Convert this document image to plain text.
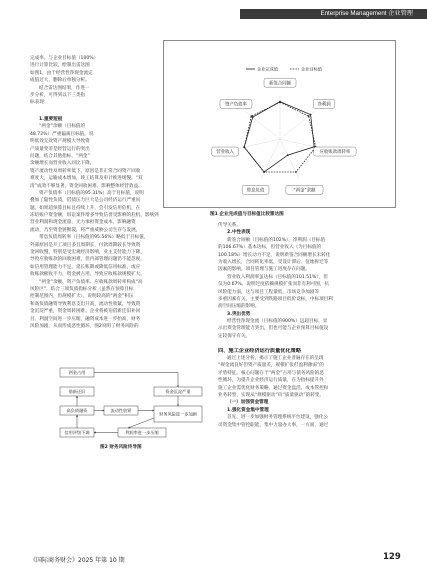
Enterprise Management 企业管理
完成率。与企业目标值（100%）
进行计算比较，绘制出雷达图
如图1，由于经营性净现金流完
成值过大，删除后单独分析。
结合雷达图结果，作进一
步分析，可得到以下三类指
标表现：
新签合同额
净利润
应收账款周转率
“两金”余额
带息负债
营业收入
资产负债率
企业完成值	企业目标值
图1 企业完成值与目标值比较雷达图
1.重要短板
“两金”余额（目标值的
48.72%）严重偏离目标值，说
明低效无效资产规模大导致资
产质量变差是经营运行的突出
问题，结合其他指标，“两金”
余额增长而营业收入同比下降，
资产流动性及周转率低下，原因是非正常合同资产回收
难度大，运输成本增加，竣工结算及审计推进缓慢，“双
清”成效不够显著，资金回收困难，影响整体经营效益。
资产负债率（目标值的95.31%）高于目标值，说明
叠加了隐性负债，借债压力巨大是公司经济运行严重问
题。如果超预算目标且持续上升，会引发信用危机，在
冻结账户资金额，诉讼案件增多导致信誉受影响的危机，影响到
营业利润和现金流量，无力承担资金成本，影响融资
流动，乃至资金链断裂，将严重威胁公司生存与发展。
带息负债周转率（目标值的95.56%）略低于目标值，
外部原因是开工项目多且周期长，付款周期较长导致资
金回收慢，特别是受宏观经济影响，业主支付能力下降，
导致应收账款的回收困难，但内部管理问题仍不能忽视，
如信用管理能力不足，延长账期或降低信用标准，或应
收账款催收不力，资金被占用，导致应收账款规模扩大。
“两金”余额、资产负债率、应收账款周转率构成“高
风险区”，结合三项负债指标分析（虽然在预算目标
控制范围内，但规模扩大），说明较高的“两金”积压
和高负债融资导致利息支出升高，流动性收紧，导致资
金沉淀严重，资金周转困难。企业将被迫借新还旧补回
目，利润空间进一步压缩，融资成本进一步抬高，财务
风险加剧，从而形成恶性循环，图2说明了财务风险的
传导关系。
2.中性表现
新签合同额（目标值的102%）、净利润（目标值
的106.67%）基本达标，但营业收入（为目标值的
100.18%）增长动力不足，说明新签合同额增长未转化
为收入增长，合同转化率低，受设计滞后、征地拆迁等
因素的影响，项目管理与施工进度存在问题。
营业收入利润率虽达标（目标值的101.51%），但
仅为0.67%，说明过度依赖规模扩张而非有利可图，抗
风险能力弱，这与项目工程量低，市场竞争加剧等
多重因素有关，主要受到铁路项目低价竞标，中标项目利
润空间压缩的影响。
3.突出优势
经营性净现金流（目标值的900%）远超目标，显
示出资金管理能力突出，但也可能与企业预算目标值设
定较保守有关。
四、施工企业经济运行质量优化策略
通过上述分析，揭示了施工企业普遍存在的呈现
“规金流良好但资产质量差，规模扩张但盈利薄弱”的
矛盾特征。核心问题在于“两金”占用与债务风险的恶
性循环，为提升企业经济运行质量，在为指标提升外
施工企业需优化财务策略，通过资金盘活、成本管控和
业务转型，实现从“规模驱动”向“质量驱动”的转变。
（一）加强资金管理
1.强化资金集中管理
首先，进一步加强财务管理系统平台建设，强化公
司资金集中管控职能，集中力量办大事，一方面，通过
两金占用
借新还旧
高负债融资	流动性收紧
资金沉淀严重
财务风险进一步加剧
信用评级下调	利润率进一步压缩
图2 财务风险传导图
《国际商务财会》2025 年第 10 期	129
